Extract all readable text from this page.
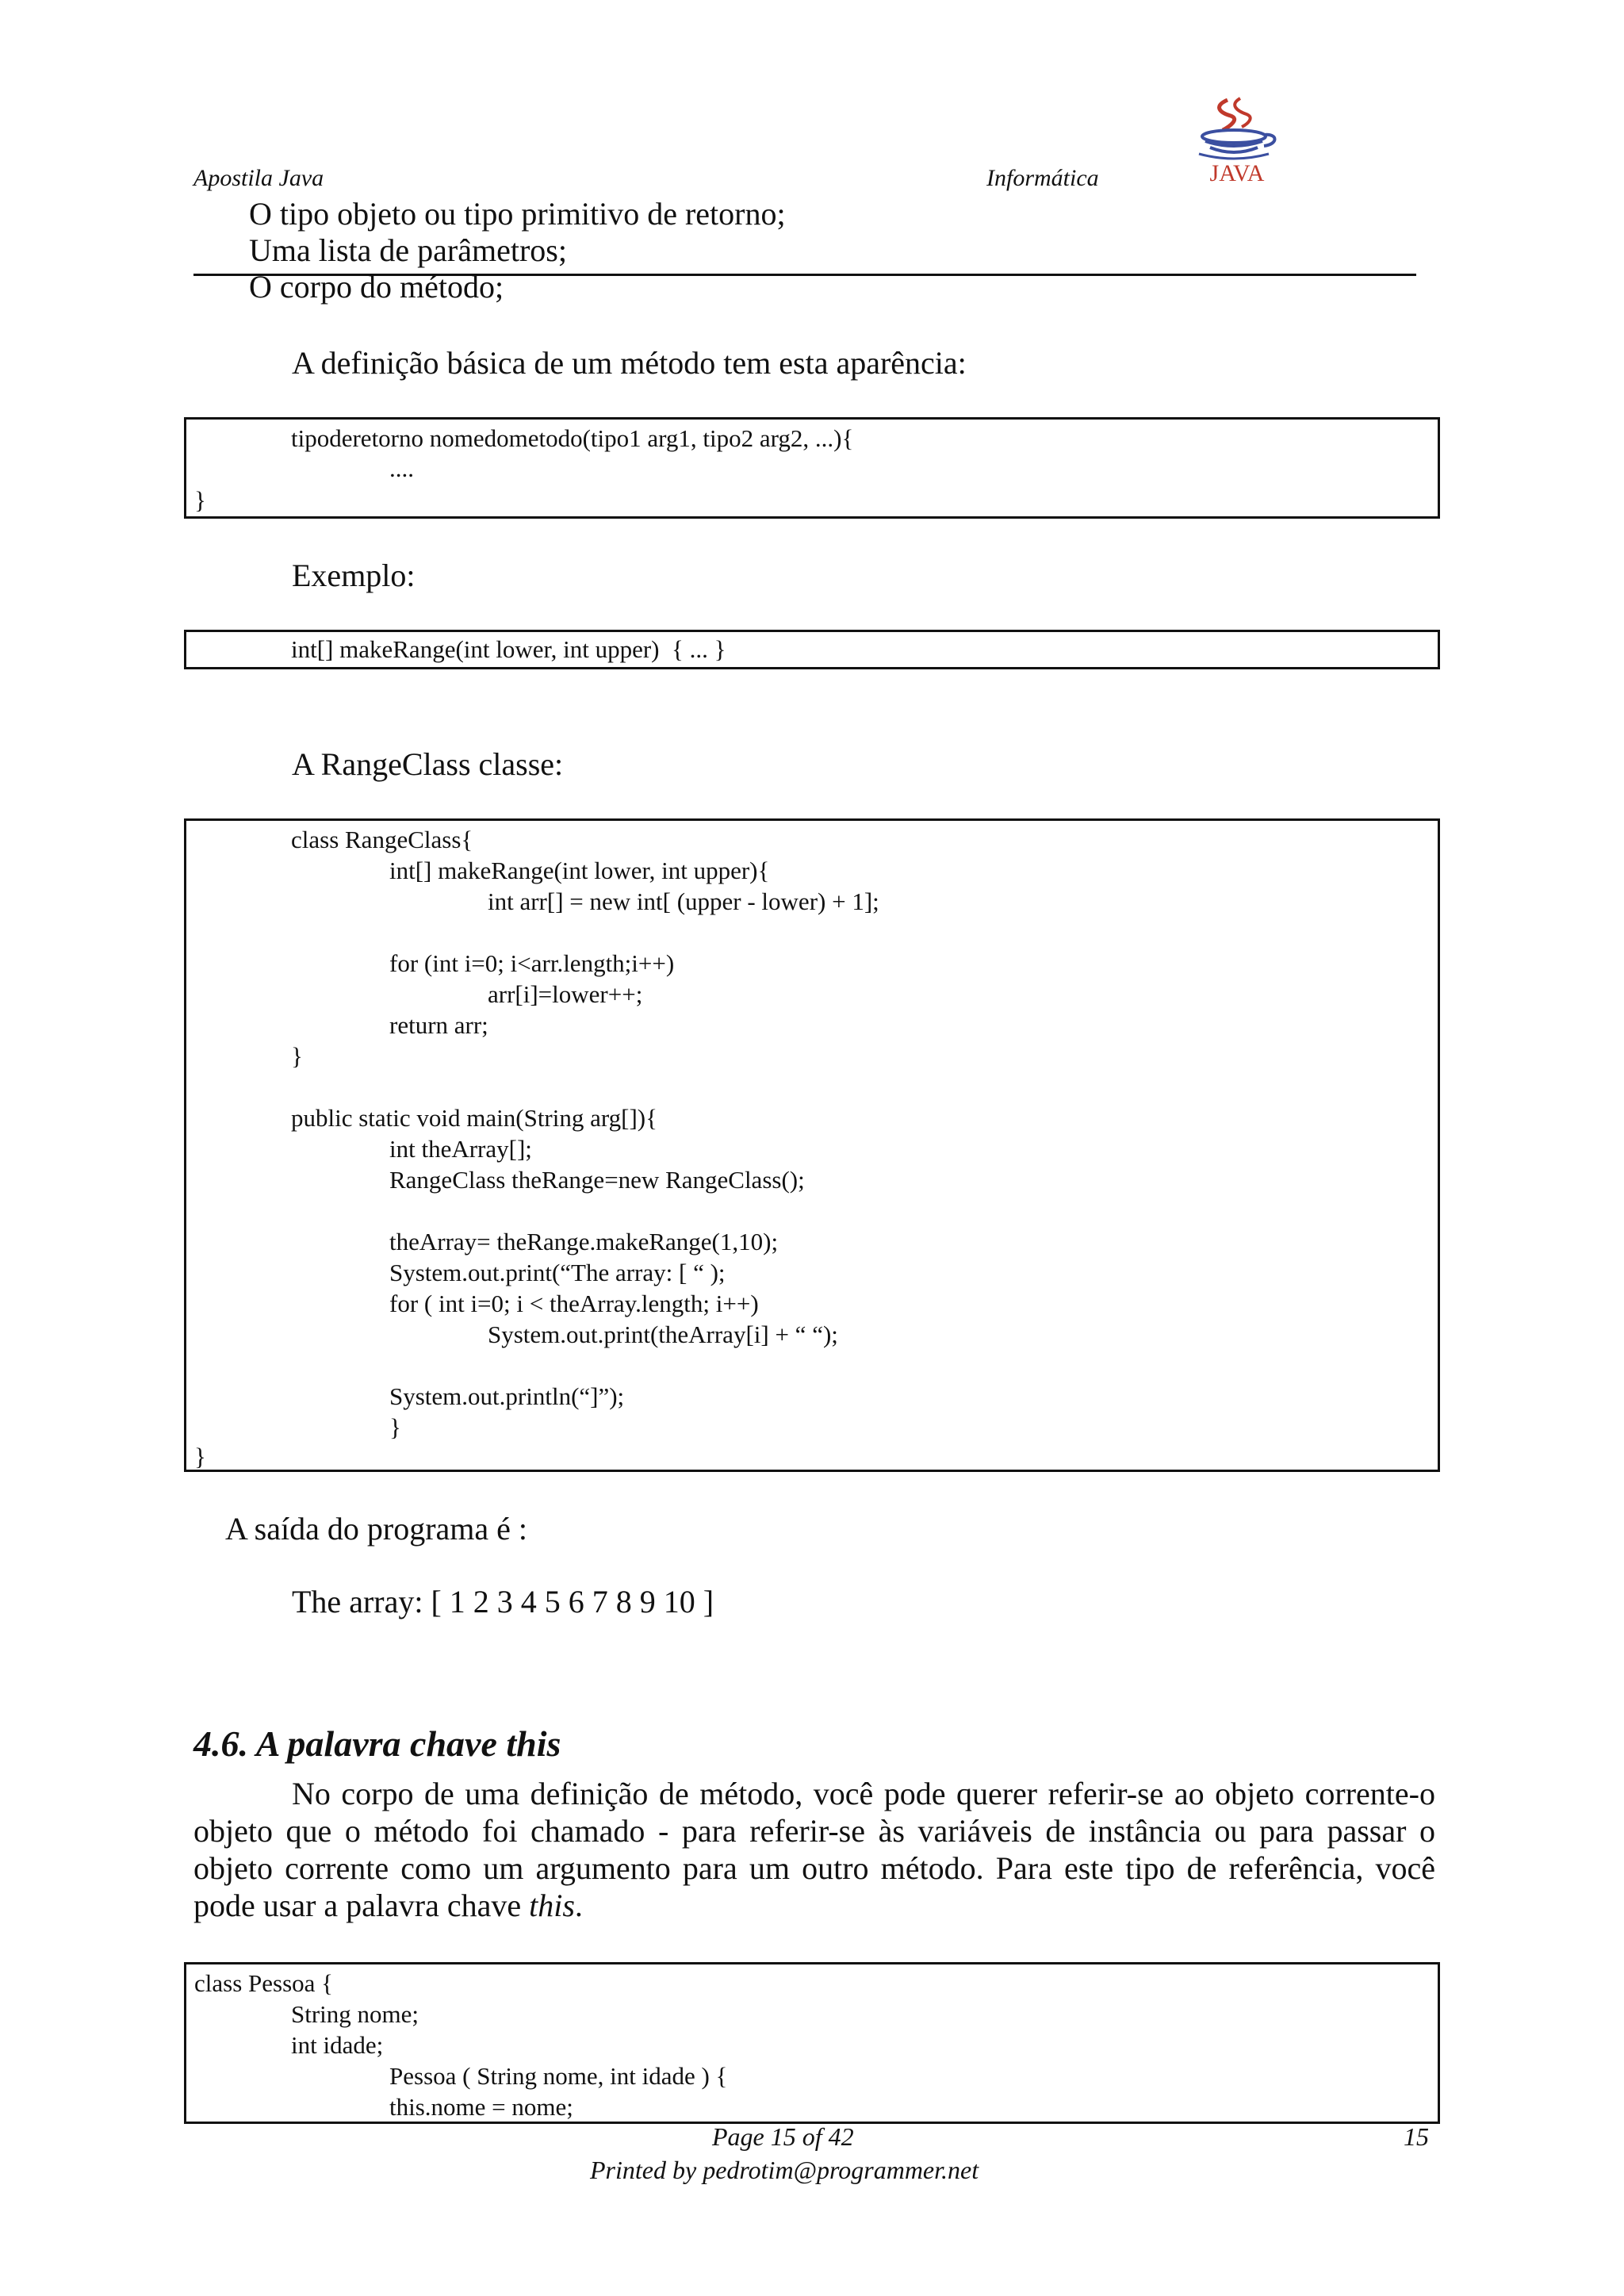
Apostila Java	Informática	JAVA
O tipo objeto ou tipo primitivo de retorno;
Uma lista de parâmetros;
O corpo do método;
A definição básica de um método tem esta aparência:
tipoderetorno nomedometodo(tipo1 arg1, tipo2 arg2, ...){
....
}
Exemplo:
int[] makeRange(int lower, int upper)  { ... }
A RangeClass classe:
class RangeClass{
int[] makeRange(int lower, int upper){
int arr[] = new int[ (upper - lower) + 1];
for (int i=0; i<arr.length;i++)
arr[i]=lower++;
return arr;
}
public static void main(String arg[]){
int theArray[];
RangeClass theRange=new RangeClass();
theArray= theRange.makeRange(1,10);
System.out.print(“The array: [ “ );
for ( int i=0; i < theArray.length; i++)
System.out.print(theArray[i] + “ “);
System.out.println(“]”);
}
}
A saída do programa é :
The array: [ 1 2 3 4 5 6 7 8 9 10 ]
4.6. A palavra chave this
No corpo de uma definição de método, você pode querer referir-se ao objeto corrente-o objeto que o método foi chamado - para referir-se às variáveis de instância ou para passar o objeto corrente como um argumento para um outro método. Para este tipo de referência, você pode usar a palavra chave this.
class Pessoa {
String nome;
int idade;
Pessoa ( String nome, int idade ) {
this.nome = nome;
Page 15 of 42
Printed by pedrotim@programmer.net
15
